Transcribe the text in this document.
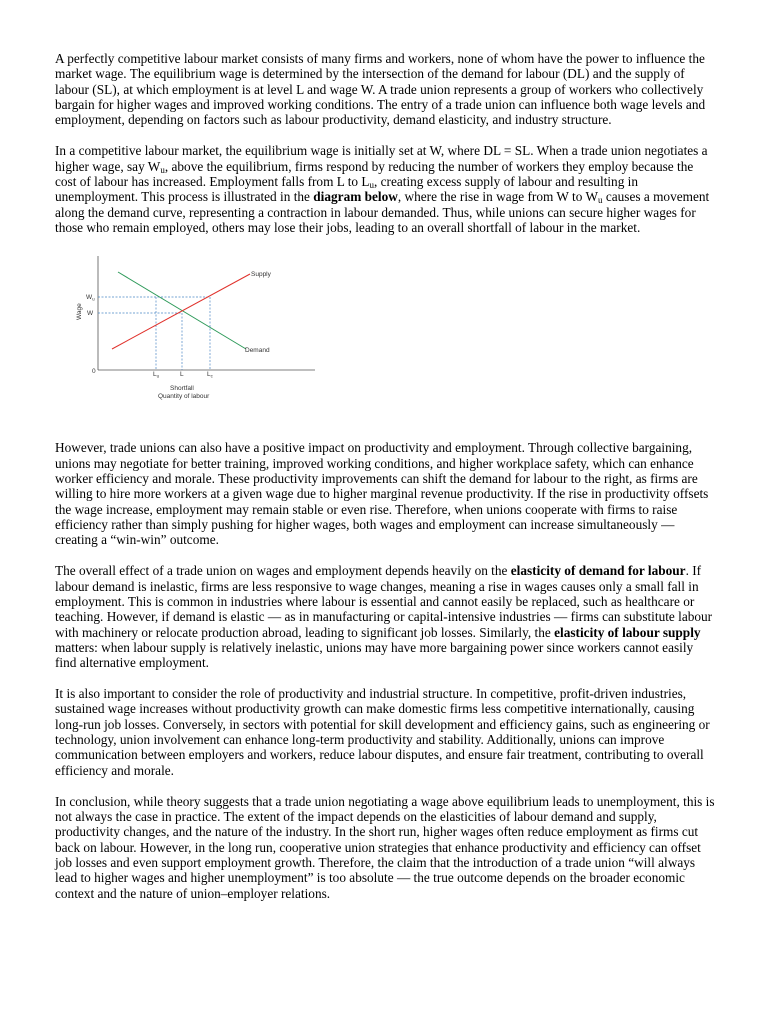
A perfectly competitive labour market consists of many firms and workers, none of whom have the power to influence the market wage. The equilibrium wage is determined by the intersection of the demand for labour (DL) and the supply of labour (SL), at which employment is at level L and wage W. A trade union represents a group of workers who collectively bargain for higher wages and improved working conditions. The entry of a trade union can influence both wage levels and employment, depending on factors such as labour productivity, demand elasticity, and industry structure.

In a competitive labour market, the equilibrium wage is initially set at W, where DL = SL. When a trade union negotiates a higher wage, say $W_u$, above the equilibrium, firms respond by reducing the number of workers they employ because the cost of labour has increased. Employment falls from L to $L_u$, creating excess supply of labour and resulting in unemployment. This process is illustrated in the diagram below, where the rise in wage from W to $W_u$ causes a movement along the demand curve, representing a contraction in labour demanded. Thus, while unions can secure higher wages for those who remain employed, others may lose their jobs, leading to an overall shortfall of labour in the market.

Supply
Demand
Wage
$W_u$
W
0	$L_u$	L	$L_c$
Shortfall
Quantity of labour

However, trade unions can also have a positive impact on productivity and employment. Through collective bargaining, unions may negotiate for better training, improved working conditions, and higher workplace safety, which can enhance worker efficiency and morale. These productivity improvements can shift the demand for labour to the right, as firms are willing to hire more workers at a given wage due to higher marginal revenue productivity. If the rise in productivity offsets the wage increase, employment may remain stable or even rise. Therefore, when unions cooperate with firms to raise efficiency rather than simply pushing for higher wages, both wages and employment can increase simultaneously — creating a “win-win” outcome.

The overall effect of a trade union on wages and employment depends heavily on the elasticity of demand for labour. If labour demand is inelastic, firms are less responsive to wage changes, meaning a rise in wages causes only a small fall in employment. This is common in industries where labour is essential and cannot easily be replaced, such as healthcare or teaching. However, if demand is elastic — as in manufacturing or capital-intensive industries — firms can substitute labour with machinery or relocate production abroad, leading to significant job losses. Similarly, the elasticity of labour supply matters: when labour supply is relatively inelastic, unions may have more bargaining power since workers cannot easily find alternative employment.

It is also important to consider the role of productivity and industrial structure. In competitive, profit-driven industries, sustained wage increases without productivity growth can make domestic firms less competitive internationally, causing long-run job losses. Conversely, in sectors with potential for skill development and efficiency gains, such as engineering or technology, union involvement can enhance long-term productivity and stability. Additionally, unions can improve communication between employers and workers, reduce labour disputes, and ensure fair treatment, contributing to overall efficiency and morale.

In conclusion, while theory suggests that a trade union negotiating a wage above equilibrium leads to unemployment, this is not always the case in practice. The extent of the impact depends on the elasticities of labour demand and supply, productivity changes, and the nature of the industry. In the short run, higher wages often reduce employment as firms cut back on labour. However, in the long run, cooperative union strategies that enhance productivity and efficiency can offset job losses and even support employment growth. Therefore, the claim that the introduction of a trade union “will always lead to higher wages and higher unemployment” is too absolute — the true outcome depends on the broader economic context and the nature of union–employer relations.
